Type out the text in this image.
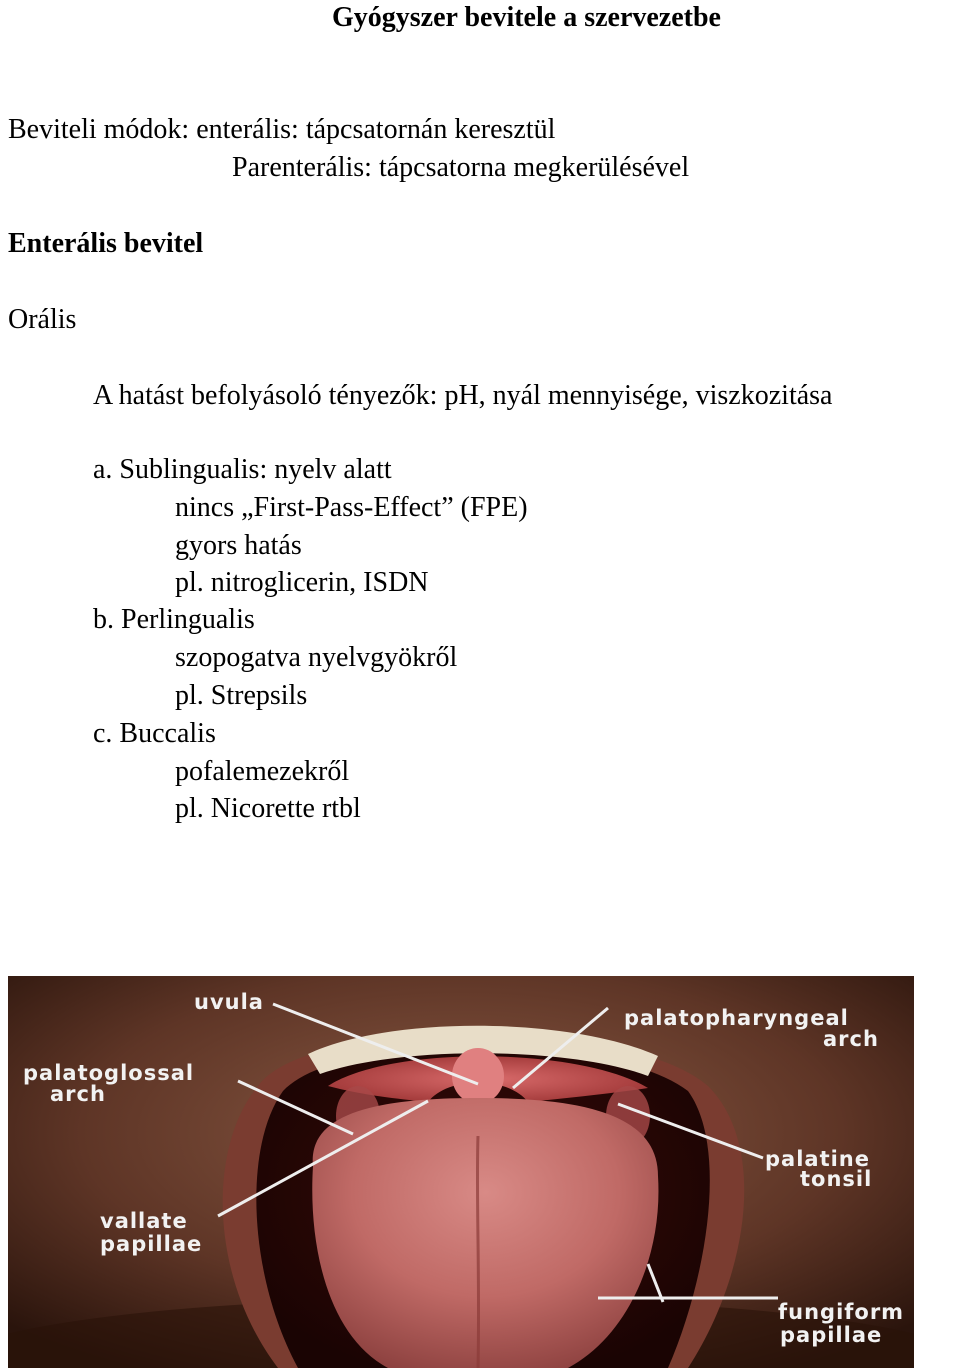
Gyógyszer bevitele a szervezetbe
Beviteli módok: enterális: tápcsatornán keresztül
Parenterális: tápcsatorna megkerülésével
Enterális bevitel
Orális
A hatást befolyásoló tényezők: pH, nyál mennyisége, viszkozitása
a. Sublingualis: nyelv alatt
nincs „First-Pass-Effect” (FPE)
gyors hatás
pl. nitroglicerin, ISDN
b. Perlingualis
szopogatva nyelvgyökről
pl. Strepsils
c. Buccalis
pofalemezekről
pl. Nicorette rtbl
uvula
palatopharyngeal
arch
palatoglossal
arch
palatine
tonsil
vallate
papillae
fungiform
papillae
